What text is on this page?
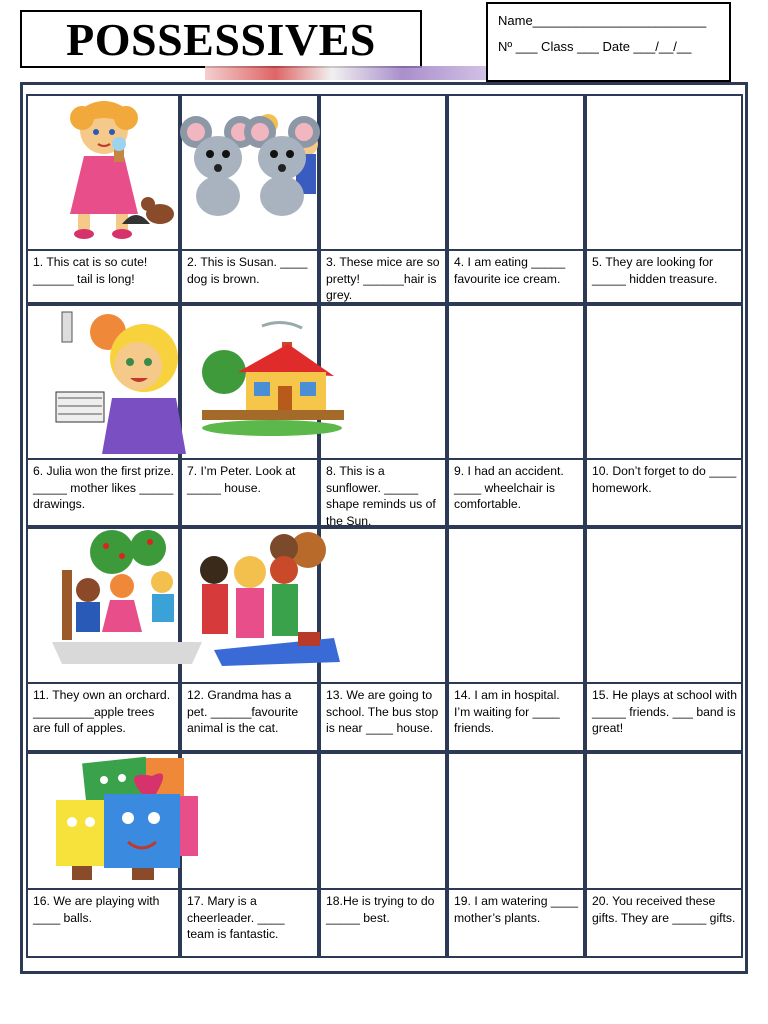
POSSESSIVES	Name________________________
Nº ___ Class ___ Date ___/__/__
1. This cat is so cute! ______ tail is long!
2. This is Susan. ____ dog is brown.
3. These mice are so pretty! ______hair is grey.
4. I am eating _____ favourite ice cream.
5. They are looking for _____ hidden treasure.
6. Julia won the first prize. _____ mother likes _____ drawings.
7. I’m Peter. Look at _____ house.
8. This is a sunflower. _____ shape reminds us of the Sun.
9. I had an accident. ____ wheelchair is comfortable.
10. Don’t forget to do ____ homework.
11. They own an orchard. _________apple trees are full of apples.
12. Grandma has a pet. ______favourite animal is the cat.
13. We are going to school. The bus stop is near ____ house.
14. I am in hospital. I’m waiting for ____ friends.
15. He plays at school with _____ friends. ___ band is great!
16. We are playing with ____ balls.
17. Mary is a cheerleader. ____ team is fantastic.
18.He is trying to do _____ best.
19. I am watering ____ mother’s plants.
20. You received these gifts. They are _____ gifts.
